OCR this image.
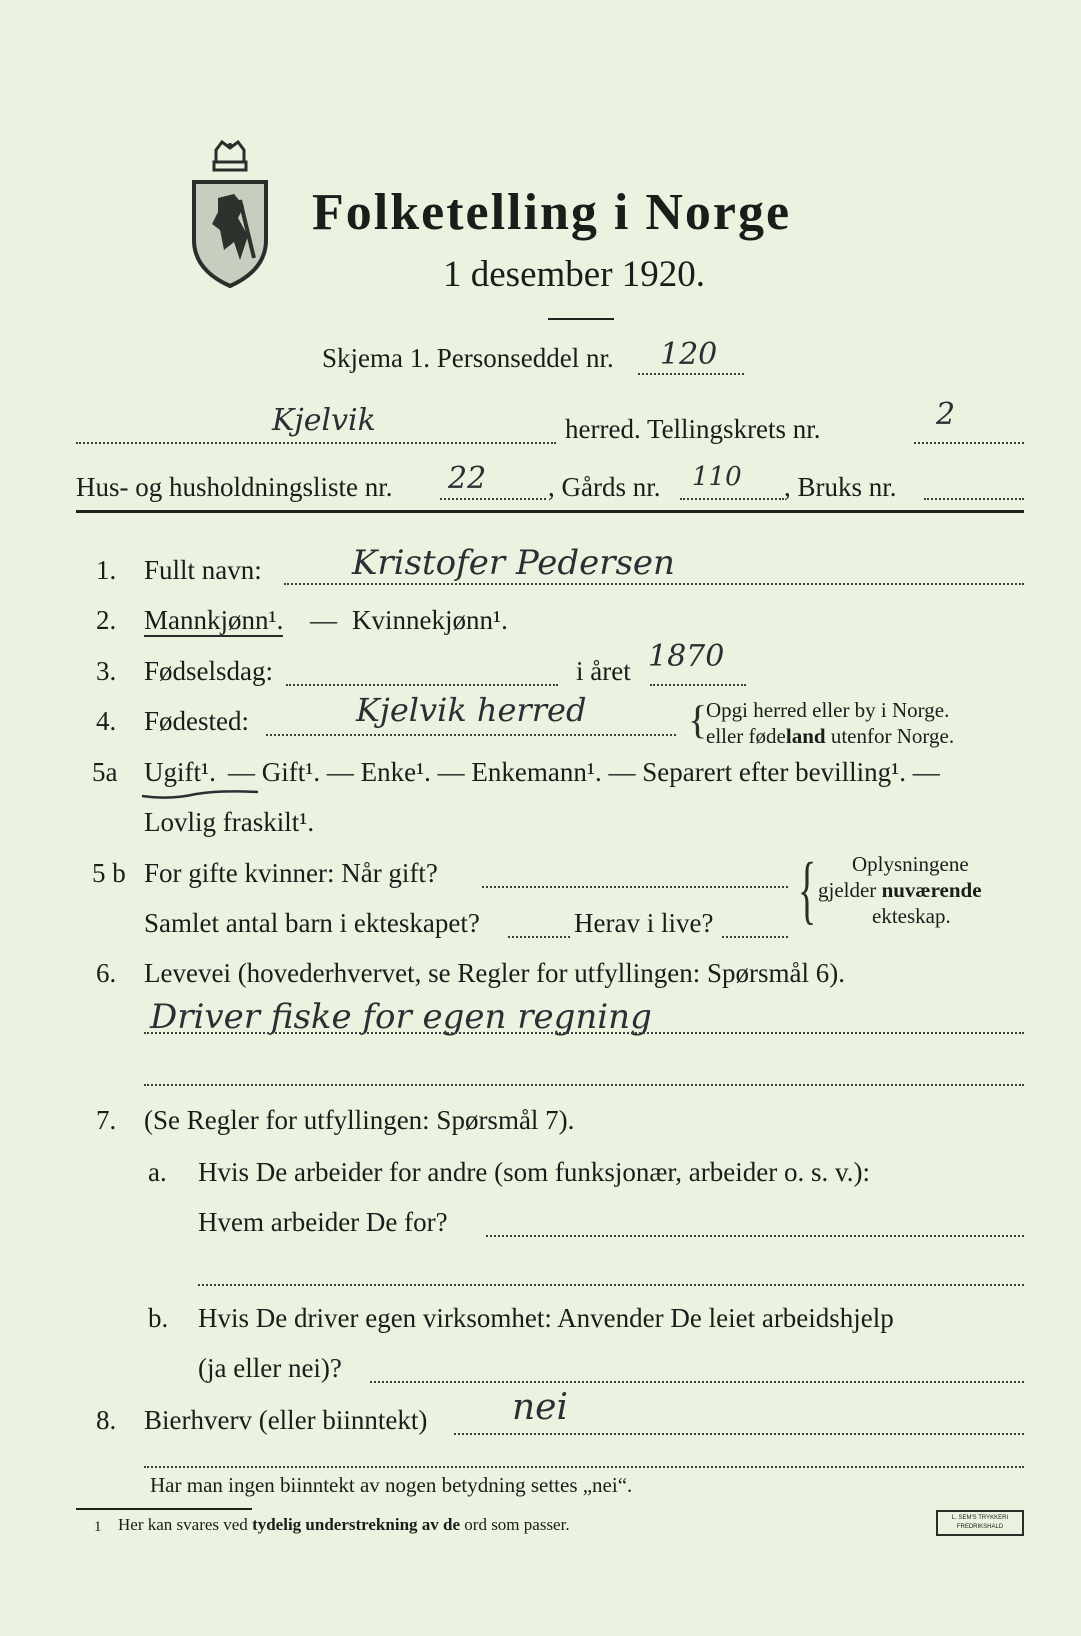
Folketelling i Norge
1 desember 1920.
Skjema 1. Personseddel nr. 120
Kjelvik	herred. Tellingskrets nr.	2
Hus- og husholdningsliste nr. 22 , Gårds nr. 110 , Bruks nr.
1. Fullt navn:	Kristofer Pedersen
2. Mannkjønn¹. — Kvinnekjønn¹.
3. Fødselsdag:	i året 1870
4. Fødested:	Kjelvik herred	{
Opgi herred eller by i Norge.
eller fødeland utenfor Norge.
5a Ugift¹. — Gift¹. — Enke¹. — Enkemann¹. — Separert efter bevilling¹. —
Lovlig fraskilt¹.
5 b For gifte kvinner: Når gift?
Samlet antal barn i ekteskapet?	Herav i live? { Oplysningene
gjelder nuværende
ekteskap.
6. Levevei (hovederhvervet, se Regler for utfyllingen: Spørsmål 6).
Driver fiske for egen regning
7. (Se Regler for utfyllingen: Spørsmål 7).
a. Hvis De arbeider for andre (som funksjonær, arbeider o. s. v.):
Hvem arbeider De for?
b. Hvis De driver egen virksomhet: Anvender De leiet arbeidshjelp
(ja eller nei)?
8. Bierhverv (eller biinntekt) nei
Har man ingen biinntekt av nogen betydning settes „nei“.
1 Her kan svares ved tydelig understrekning av de ord som passer.	L. SEM'S TRYKKERI
FREDRIKSHALD
